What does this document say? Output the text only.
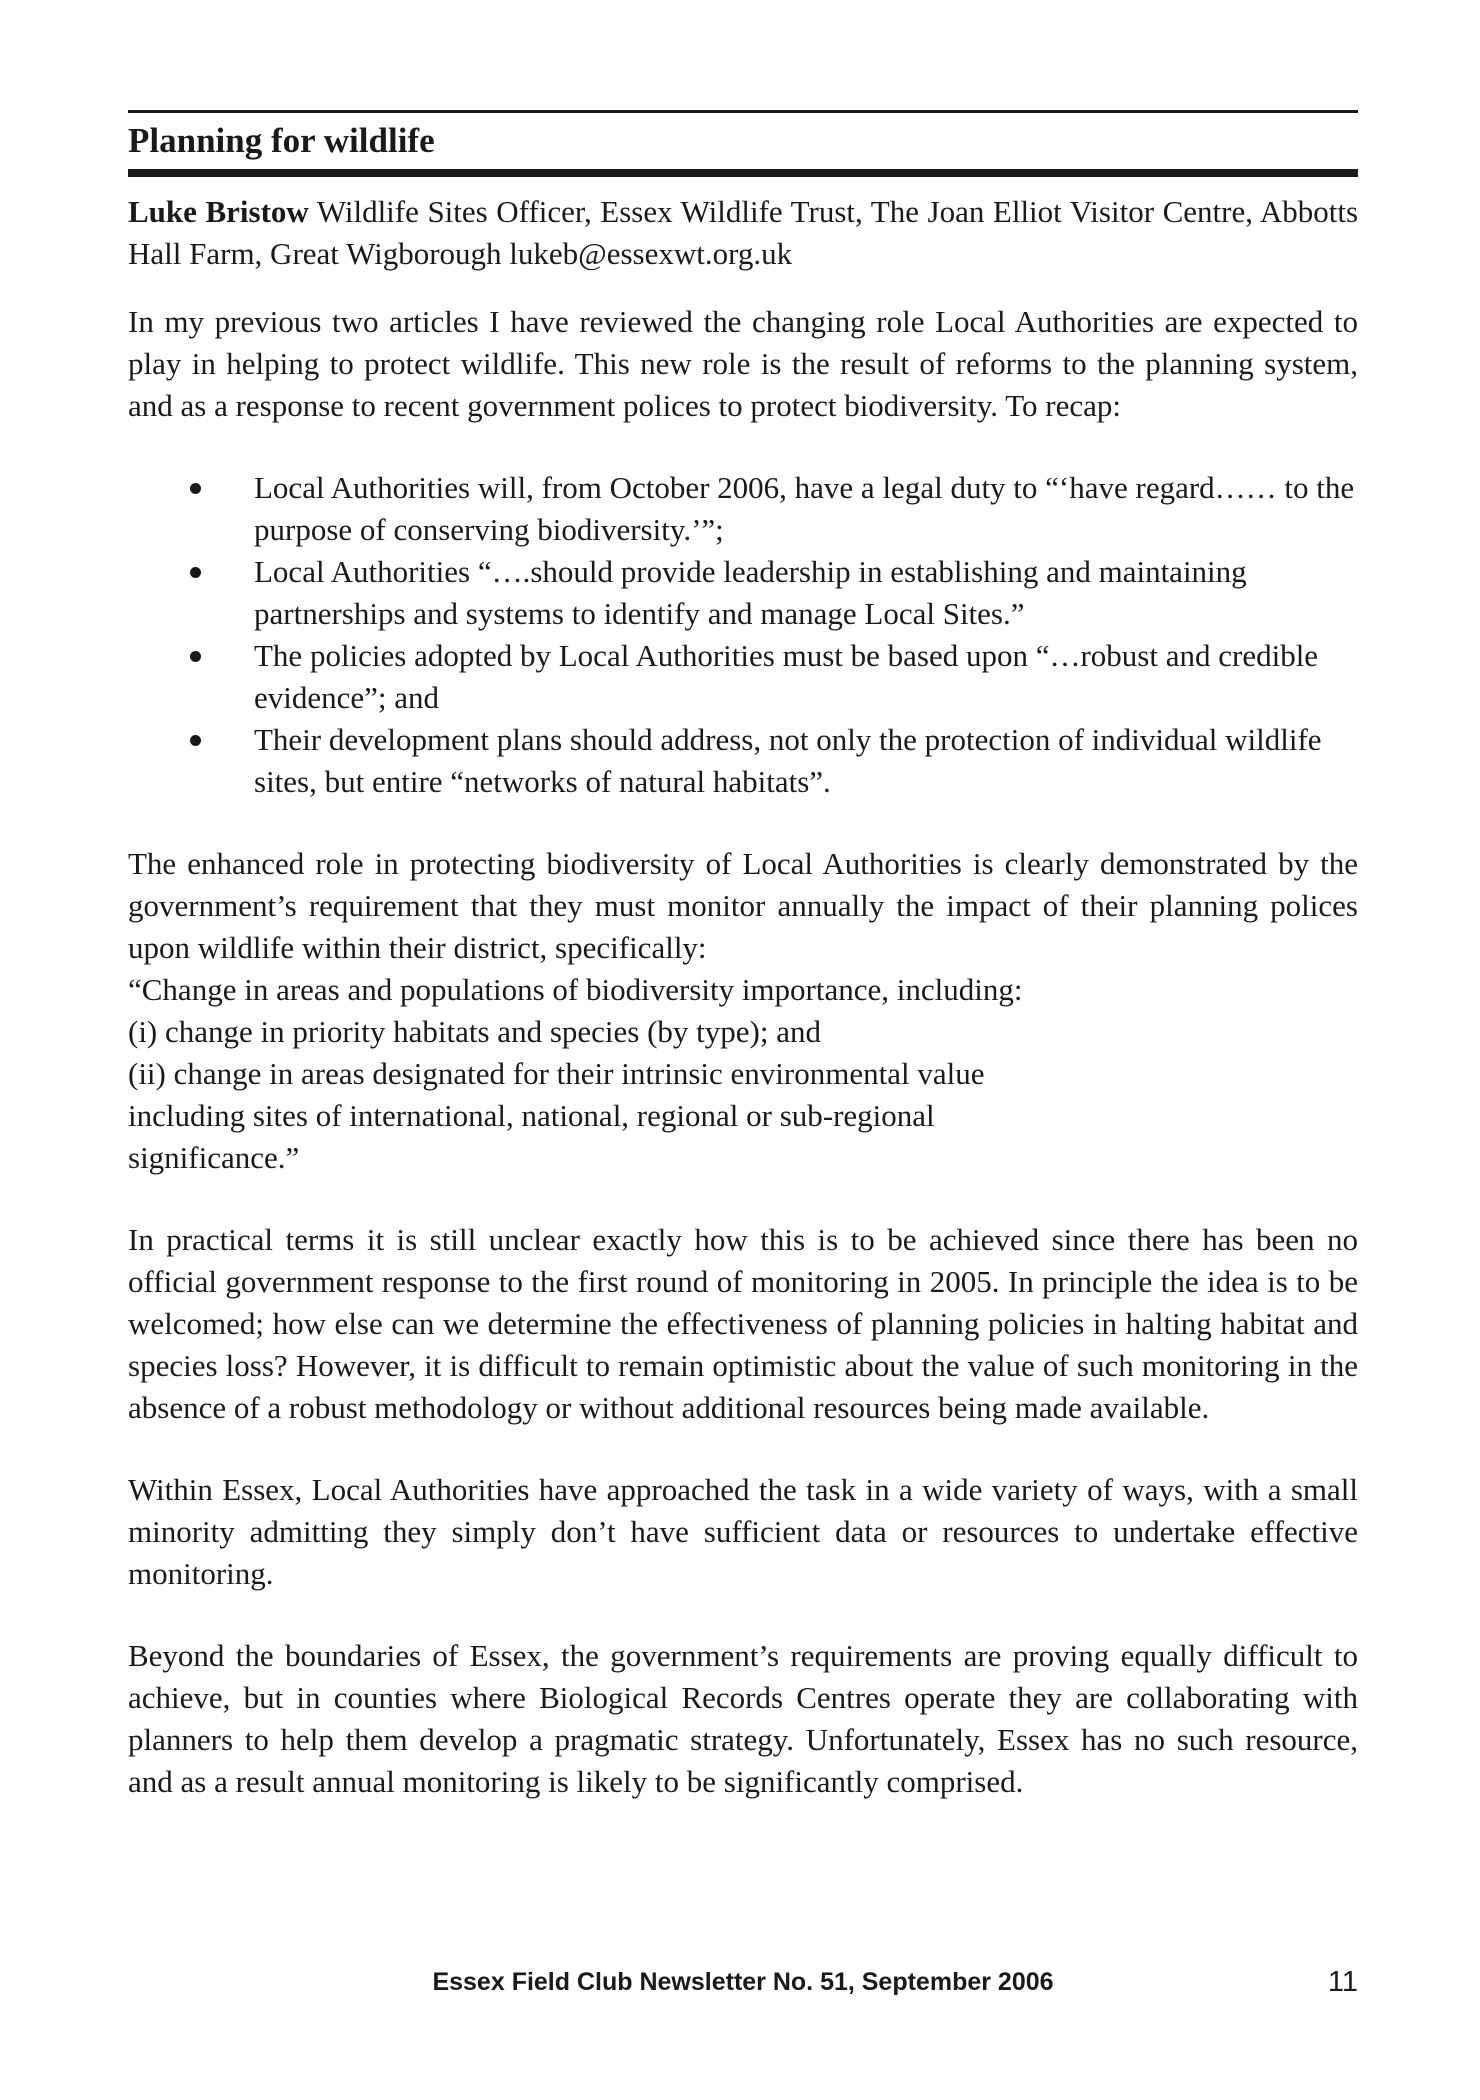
Planning for wildlife

Luke Bristow Wildlife Sites Officer, Essex Wildlife Trust, The Joan Elliot Visitor Centre, Abbotts Hall Farm, Great Wigborough lukeb@essexwt.org.uk

In my previous two articles I have reviewed the changing role Local Authorities are expected to play in helping to protect wildlife. This new role is the result of reforms to the planning system, and as a response to recent government polices to protect biodiversity. To recap:

Local Authorities will, from October 2006, have a legal duty to “‘have regard…… to the purpose of conserving biodiversity.’”;
Local Authorities “….should provide leadership in establishing and maintaining partnerships and systems to identify and manage Local Sites.”
The policies adopted by Local Authorities must be based upon “…robust and credible evidence”; and
Their development plans should address, not only the protection of individual wildlife sites, but entire “networks of natural habitats”.

The enhanced role in protecting biodiversity of Local Authorities is clearly demonstrated by the government’s requirement that they must monitor annually the impact of their planning polices upon wildlife within their district, specifically:

“Change in areas and populations of biodiversity importance, including:

(i) change in priority habitats and species (by type); and

(ii) change in areas designated for their intrinsic environmental value

including sites of international, national, regional or sub-regional

significance.”

In practical terms it is still unclear exactly how this is to be achieved since there has been no official government response to the first round of monitoring in 2005. In principle the idea is to be welcomed; how else can we determine the effectiveness of planning policies in halting habitat and species loss? However, it is difficult to remain optimistic about the value of such monitoring in the absence of a robust methodology or without additional resources being made available.

Within Essex, Local Authorities have approached the task in a wide variety of ways, with a small minority admitting they simply don’t have sufficient data or resources to undertake effective monitoring.

Beyond the boundaries of Essex, the government’s requirements are proving equally difficult to achieve, but in counties where Biological Records Centres operate they are collaborating with planners to help them develop a pragmatic strategy. Unfortunately, Essex has no such resource, and as a result annual monitoring is likely to be significantly comprised.

Essex Field Club Newsletter No. 51, September 2006	11
